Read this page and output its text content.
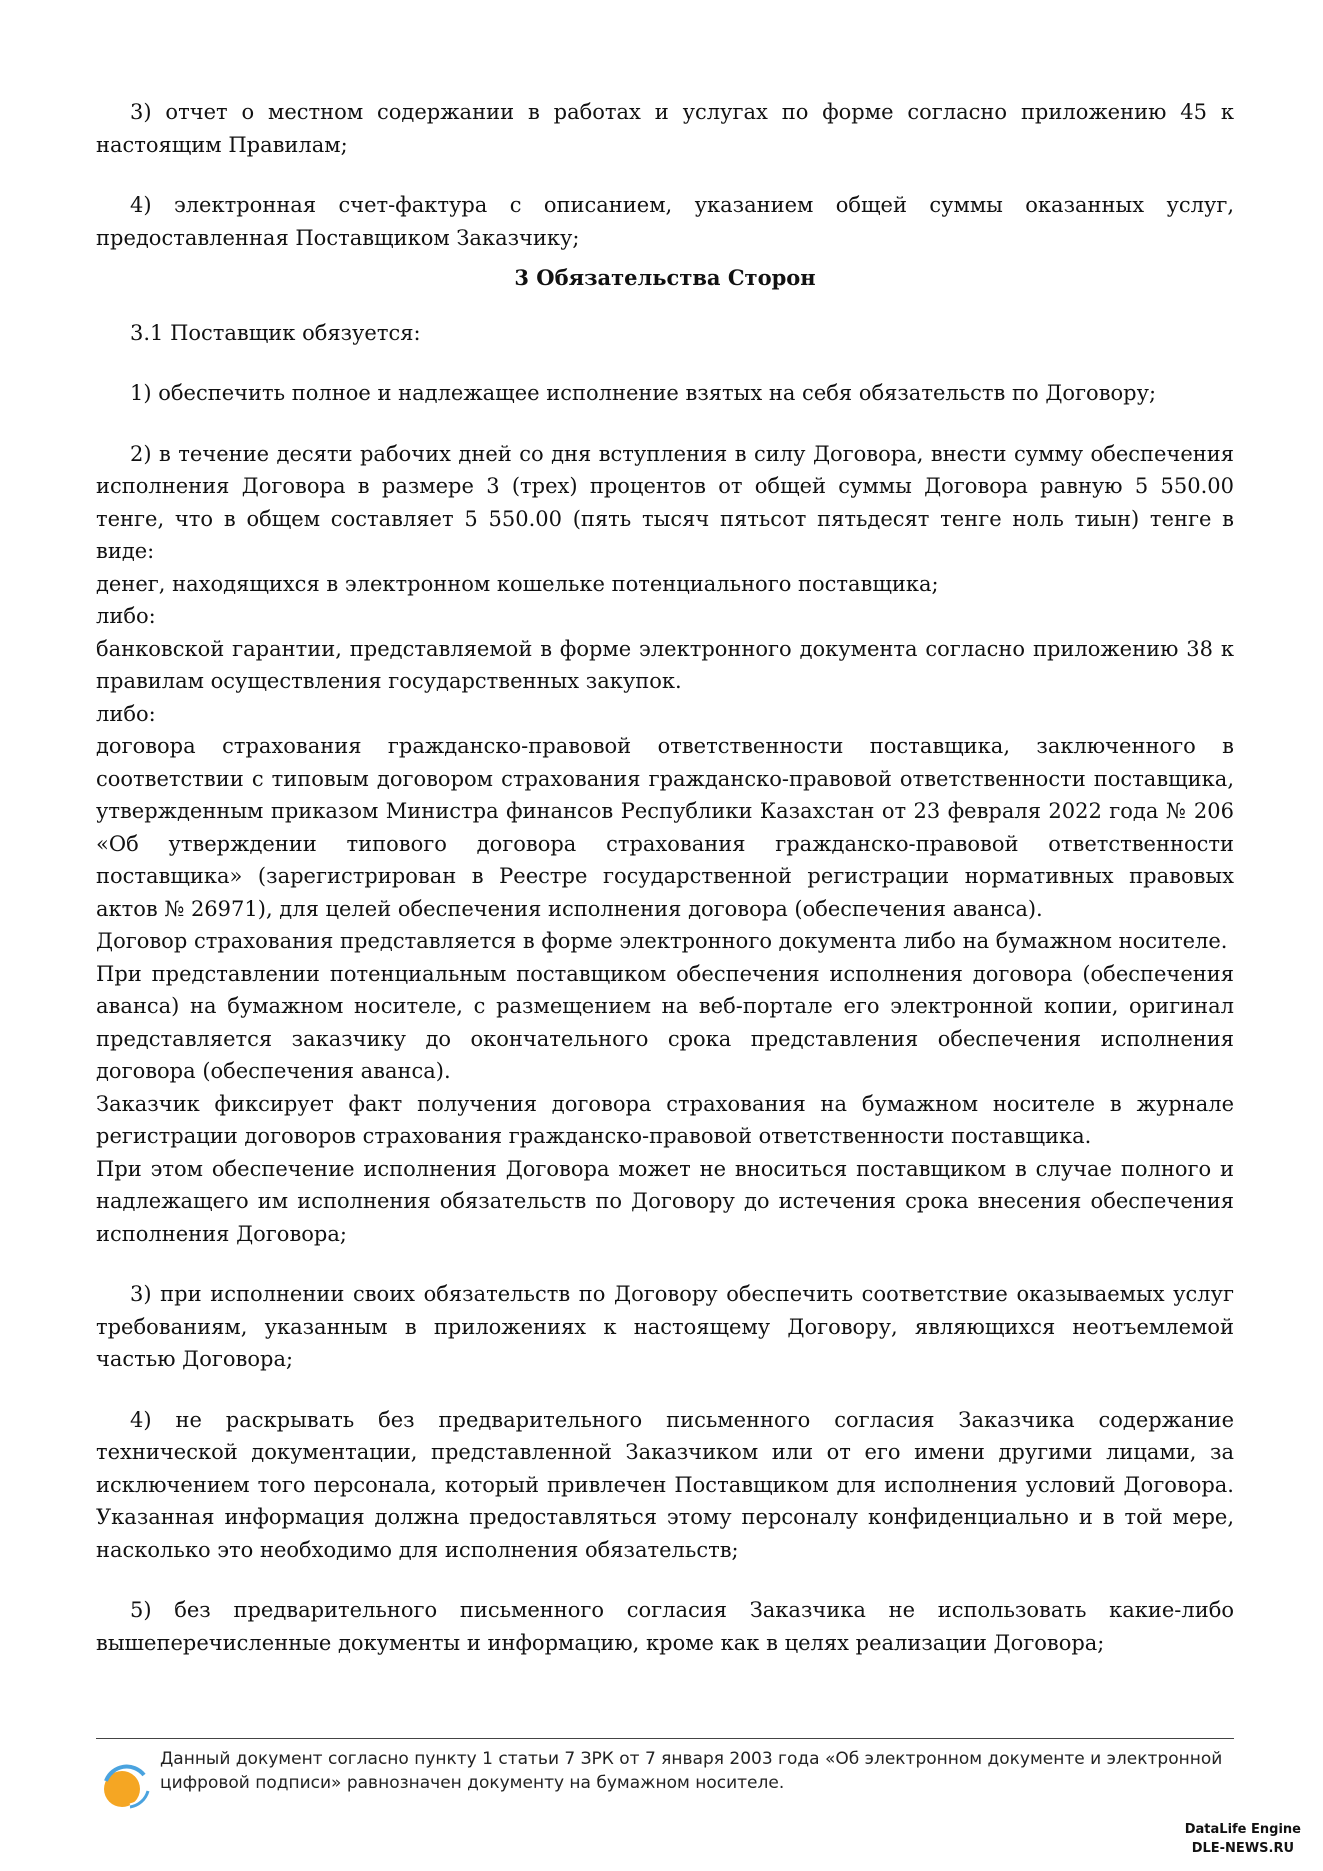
3) отчет о местном содержании в работах и услугах по форме согласно приложению 45 к настоящим Правилам;

4) электронная счет-фактура с описанием, указанием общей суммы оказанных услуг, предоставленная Поставщиком Заказчику;

3 Обязательства Сторон

3.1 Поставщик обязуется:

1) обеспечить полное и надлежащее исполнение взятых на себя обязательств по Договору;

2) в течение десяти рабочих дней со дня вступления в силу Договора, внести сумму обеспечения исполнения Договора в размере 3 (трех) процентов от общей суммы Договора равную 5 550.00 тенге, что в общем составляет 5 550.00 (пять тысяч пятьсот пятьдесят тенге ноль тиын) тенге в виде:

денег, находящихся в электронном кошельке потенциального поставщика;

либо:

банковской гарантии, представляемой в форме электронного документа согласно приложению 38 к правилам осуществления государственных закупок.

либо:

договора страхования гражданско-правовой ответственности поставщика, заключенного в соответствии с типовым договором страхования гражданско-правовой ответственности поставщика, утвержденным приказом Министра финансов Республики Казахстан от 23 февраля 2022 года № 206 «Об утверждении типового договора страхования гражданско-правовой ответственности поставщика» (зарегистрирован в Реестре государственной регистрации нормативных правовых актов № 26971), для целей обеспечения исполнения договора (обеспечения аванса).

Договор страхования представляется в форме электронного документа либо на бумажном носителе.

При представлении потенциальным поставщиком обеспечения исполнения договора (обеспечения аванса) на бумажном носителе, с размещением на веб-портале его электронной копии, оригинал представляется заказчику до окончательного срока представления обеспечения исполнения договора (обеспечения аванса).

Заказчик фиксирует факт получения договора страхования на бумажном носителе в журнале регистрации договоров страхования гражданско-правовой ответственности поставщика.

При этом обеспечение исполнения Договора может не вноситься поставщиком в случае полного и надлежащего им исполнения обязательств по Договору до истечения срока внесения обеспечения исполнения Договора;

3) при исполнении своих обязательств по Договору обеспечить соответствие оказываемых услуг требованиям, указанным в приложениях к настоящему Договору, являющихся неотъемлемой частью Договора;

4) не раскрывать без предварительного письменного согласия Заказчика содержание технической документации, представленной Заказчиком или от его имени другими лицами, за исключением того персонала, который привлечен Поставщиком для исполнения условий Договора. Указанная информация должна предоставляться этому персоналу конфиденциально и в той мере, насколько это необходимо для исполнения обязательств;

5) без предварительного письменного согласия Заказчика не использовать какие-либо вышеперечисленные документы и информацию, кроме как в целях реализации Договора;

Данный документ согласно пункту 1 статьи 7 ЗРК от 7 января 2003 года «Об электронном документе и электронной цифровой подписи» равнозначен документу на бумажном носителе.
DataLife Engine
DLE-NEWS.RU
